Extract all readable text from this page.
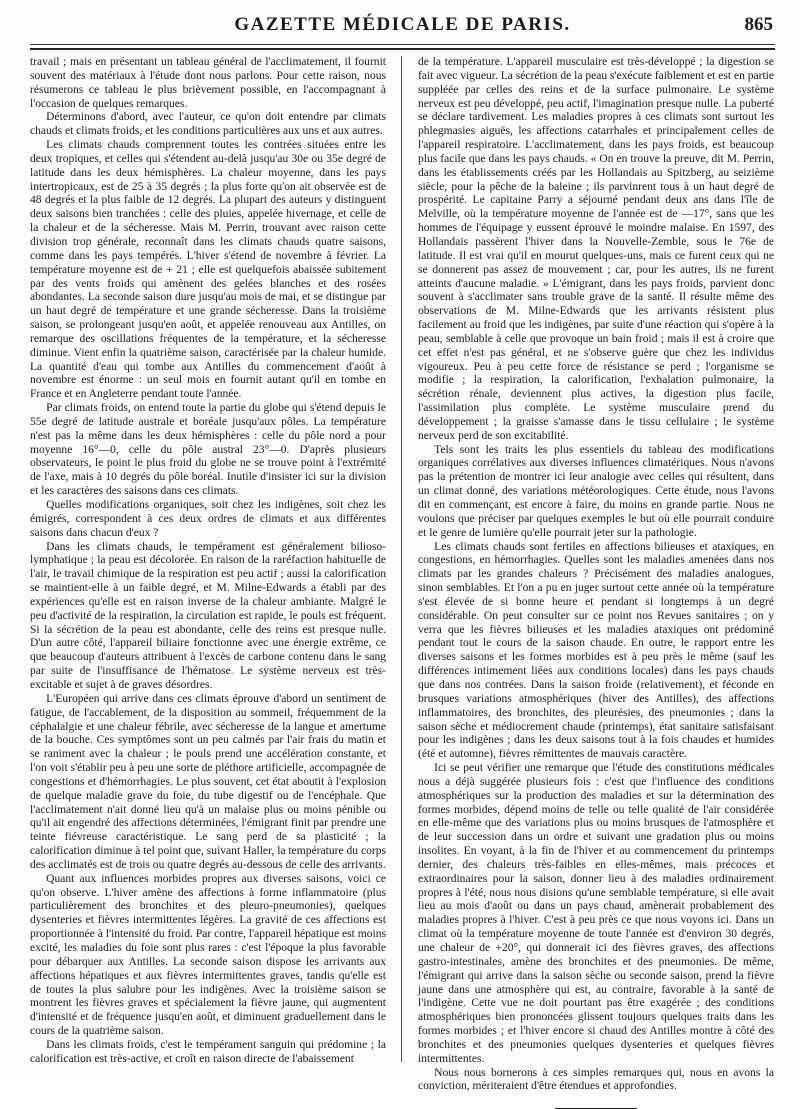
GAZETTE MÉDICALE DE PARIS.	865

travail ; mais en présentant un tableau général de l'acclimatement, il fournit souvent des matériaux à l'étude dont nous parlons. Pour cette raison, nous résumerons ce tableau le plus brièvement possible, en l'accompagnant à l'occasion de quelques remarques.

Déterminons d'abord, avec l'auteur, ce qu'on doit entendre par climats chauds et climats froids, et les conditions particulières aux uns et aux autres.

Les climats chauds comprennent toutes les contrées situées entre les deux tropiques, et celles qui s'étendent au-delà jusqu'au 30e ou 35e degré de latitude dans les deux hémisphères. La chaleur moyenne, dans les pays intertropicaux, est de 25 à 35 degrés ; la plus forte qu'on ait observée est de 48 degrés et la plus faible de 12 degrés. La plupart des auteurs y distinguent deux saisons bien tranchées : celle des pluies, appelée hivernage, et celle de la chaleur et de la sécheresse. Mais M. Perrin, trouvant avec raison cette division trop générale, reconnaît dans les climats chauds quatre saisons, comme dans les pays tempérés. L'hiver s'étend de novembre à février. La température moyenne est de + 21 ; elle est quelquefois abaissée subitement par des vents froids qui amènent des gelées blanches et des rosées abondantes. La seconde saison dure jusqu'au mois de mai, et se distingue par un haut degré de température et une grande sécheresse. Dans la troisième saison, se prolongeant jusqu'en août, et appelée renouveau aux Antilles, on remarque des oscillations fréquentes de la température, et la sécheresse diminue. Vient enfin la quatrième saison, caractérisée par la chaleur humide. La quantité d'eau qui tombe aux Antilles du commencement d'août à novembre est énorme : un seul mois en fournit autant qu'il en tombe en France et en Angleterre pendant toute l'année.

Par climats froids, on entend toute la partie du globe qui s'étend depuis le 55e degré de latitude australe et boréale jusqu'aux pôles. La température n'est pas la même dans les deux hémisphères : celle du pôle nord a pour moyenne 16°—0, celle du pôle austral 23°—0. D'après plusieurs observateurs, le point le plus froid du globe ne se trouve point à l'extrémité de l'axe, mais à 10 degrés du pôle boréal. Inutile d'insister ici sur la division et les caractères des saisons dans ces climats.

Quelles modifications organiques, soit chez les indigènes, soit chez les émigrés, correspondent à ces deux ordres de climats et aux différentes saisons dans chacun d'eux ?

Dans les climats chauds, le tempérament est généralement bilioso-lymphatique ; la peau est décolorée. En raison de la raréfaction habituelle de l'air, le travail chimique de la respiration est peu actif ; aussi la calorification se maintient-elle à un faible degré, et M. Milne-Edwards a établi par des expériences qu'elle est en raison inverse de la chaleur ambiante. Malgré le peu d'activité de la respiration, la circulation est rapide, le pouls est fréquent. Si la sécrétion de la peau est abondante, celle des reins est presque nulle. D'un autre côté, l'appareil biliaire fonctionne avec une énergie extrême, ce que beaucoup d'auteurs attribuent à l'excès de carbone contenu dans le sang par suite de l'insuffisance de l'hématose. Le système nerveux est très-excitable et sujet à de graves désordres.

L'Européen qui arrive dans ces climats éprouve d'abord un sentiment de fatigue, de l'accablement, de la disposition au sommeil, fréquemment de la céphalalgie et une chaleur fébrile, avec sécheresse de la langue et amertume de la bouche. Ces symptômes sont un peu calmés par l'air frais du matin et se raniment avec la chaleur ; le pouls prend une accélération constante, et l'on voit s'établir peu à peu une sorte de pléthore artificielle, accompagnée de congestions et d'hémorrhagies. Le plus souvent, cet état aboutit à l'explosion de quelque maladie grave du foie, du tube digestif ou de l'encéphale. Que l'acclimatement n'ait donné lieu qu'à un malaise plus ou moins pénible ou qu'il ait engendré des affections déterminées, l'émigrant finit par prendre une teinte fiévreuse caractéristique. Le sang perd de sa plasticité ; la calorification diminue à tel point que, suivant Haller, la température du corps des acclimatés est de trois ou quatre degrés au-dessous de celle des arrivants.

Quant aux influences morbides propres aux diverses saisons, voici ce qu'on observe. L'hiver amène des affections à forme inflammatoire (plus particulièrement des bronchites et des pleuro-pneumonies), quelques dysenteries et fièvres intermittentes légères. La gravité de ces affections est proportionnée à l'intensité du froid. Par contre, l'appareil hépatique est moins excité, les maladies du foie sont plus rares : c'est l'époque la plus favorable pour débarquer aux Antilles. La seconde saison dispose les arrivants aux affections hépatiques et aux fièvres intermittentes graves, tandis qu'elle est de toutes la plus salubre pour les indigènes. Avec la troisième saison se montrent les fièvres graves et spécialement la fièvre jaune, qui augmentent d'intensité et de fréquence jusqu'en août, et diminuent graduellement dans le cours de la quatrième saison.

Dans les climats froids, c'est le tempérament sanguin qui prédomine ; la calorification est très-active, et croît en raison directe de l'abaissement

de la température. L'appareil musculaire est très-développé ; la digestion se fait avec vigueur. La sécrétion de la peau s'exécute faiblement et est en partie suppléée par celles des reins et de la surface pulmonaire. Le système nerveux est peu développé, peu actif, l'imagination presque nulle. La puberté se déclare tardivement. Les maladies propres à ces climats sont surtout les phlegmasies aiguës, les affections catarrhales et principalement celles de l'appareil respiratoire. L'acclimatement, dans les pays froids, est beaucoup plus facile que dans les pays chauds. « On en trouve la preuve, dit M. Perrin, dans les établissements créés par les Hollandais au Spitzberg, au seizième siècle, pour la pêche de la baleine ; ils parvinrent tous à un haut degré de prospérité. Le capitaine Parry a séjourné pendant deux ans dans l'île de Melville, où la température moyenne de l'année est de —17°, sans que les hommes de l'équipage y eussent éprouvé le moindre malaise. En 1597, des Hollandais passèrent l'hiver dans la Nouvelle-Zemble, sous le 76e de latitude. Il est vrai qu'il en mourut quelques-uns, mais ce furent ceux qui ne se donnerent pas assez de mouvement ; car, pour les autres, ils ne furent atteints d'aucune maladie. » L'émigrant, dans les pays froids, parvient donc souvent à s'acclimater sans trouble grave de la santé. Il résulte même des observations de M. Milne-Edwards que les arrivants résistent plus facilement au froid que les indigènes, par suite d'une réaction qui s'opère à la peau, semblable à celle que provoque un bain froid ; mais il est à croire que cet effet n'est pas général, et ne s'observe guère que chez les individus vigoureux. Peu à peu cette force de résistance se perd ; l'organisme se modifie ; la respiration, la calorification, l'exhalation pulmonaire, la sécrétion rénale, deviennent plus actives, la digestion plus facile, l'assimilation plus complète. Le système musculaire prend du développement ; la graisse s'amasse dans le tissu cellulaire ; le système nerveux perd de son excitabilité.

Tels sont les traits les plus essentiels du tableau des modifications organiques corrélatives aux diverses influences climatériques. Nous n'avons pas la prétention de montrer ici leur analogie avec celles qui résultent, dans un climat donné, des variations météorologiques. Cette étude, nous l'avons dit en commençant, est encore à faire, du moins en grande partie. Nous ne voulons que préciser par quelques exemples le but où elle pourrait conduire et le genre de lumière qu'elle pourrait jeter sur la pathologie.

Les climats chauds sont fertiles en affections bilieuses et ataxiques, en congestions, en hémorrhagies. Quelles sont les maladies amenées dans nos climats par les grandes chaleurs ? Précisément des maladies analogues, sinon semblables. Et l'on a pu en juger surtout cette année où la température s'est élevée de si bonne heure et pendant si longtemps à un degré considérable. On peut consulter sur ce point nos Revues sanitaires ; on y verra que les fièvres bilieuses et les maladies ataxiques ont prédominé pendant tout le cours de la saison chaude. En outre, le rapport entre les diverses saisons et les formes morbides est à peu près le même (sauf les différences intimement liées aux conditions locales) dans les pays chauds que dans nos contrées. Dans la saison froide (relativement), et féconde en brusques variations atmosphériques (hiver des Antilles), des affections inflammatoires, des bronchites, des pleurésies, des pneumonies ; dans la saison sèche et médiocrement chaude (printemps), état sanitaire satisfaisant pour les indigènes ; dans les deux saisons tout à la fois chaudes et humides (été et automne), fièvres rémittentes de mauvais caractère.

Ici se peut vérifier une remarque que l'étude des constitutions médicales nous a déjà suggérée plusieurs fois : c'est que l'influence des conditions atmosphériques sur la production des maladies et sur la détermination des formes morbides, dépend moins de telle ou telle qualité de l'air considérée en elle-même que des variations plus ou moins brusques de l'atmosphère et de leur succession dans un ordre et suivant une gradation plus ou moins insolites. En voyant, à la fin de l'hiver et au commencement du printemps dernier, des chaleurs très-faibles en elles-mêmes, mais précoces et extraordinaires pour la saison, donner lieu à des maladies ordinairement propres à l'été, nous nous disions qu'une semblable température, si elle avait lieu au mois d'août ou dans un pays chaud, amènerait probablement des maladies propres à l'hiver. C'est à peu près ce que nous voyons ici. Dans un climat où la température moyenne de toute l'année est d'environ 30 degrés, une chaleur de +20°, qui donnerait ici des fièvres graves, des affections gastro-intestinales, amène des bronchites et des pneumonies. De même, l'émigrant qui arrive dans la saison sèche ou seconde saison, prend la fièvre jaune dans une atmosphère qui est, au contraire, favorable à la santé de l'indigène. Cette vue ne doit pourtant pas être exagérée ; des conditions atmosphériques bien prononcées glissent toujours quelques traits dans les formes morbides ; et l'hiver encore si chaud des Antilles montre à côté des bronchites et des pneumonies quelques dysenteries et quelques fièvres intermittentes.

Nous nous bornerons à ces simples remarques qui, nous en avons la conviction, mériteraient d'être étendues et approfondies.
